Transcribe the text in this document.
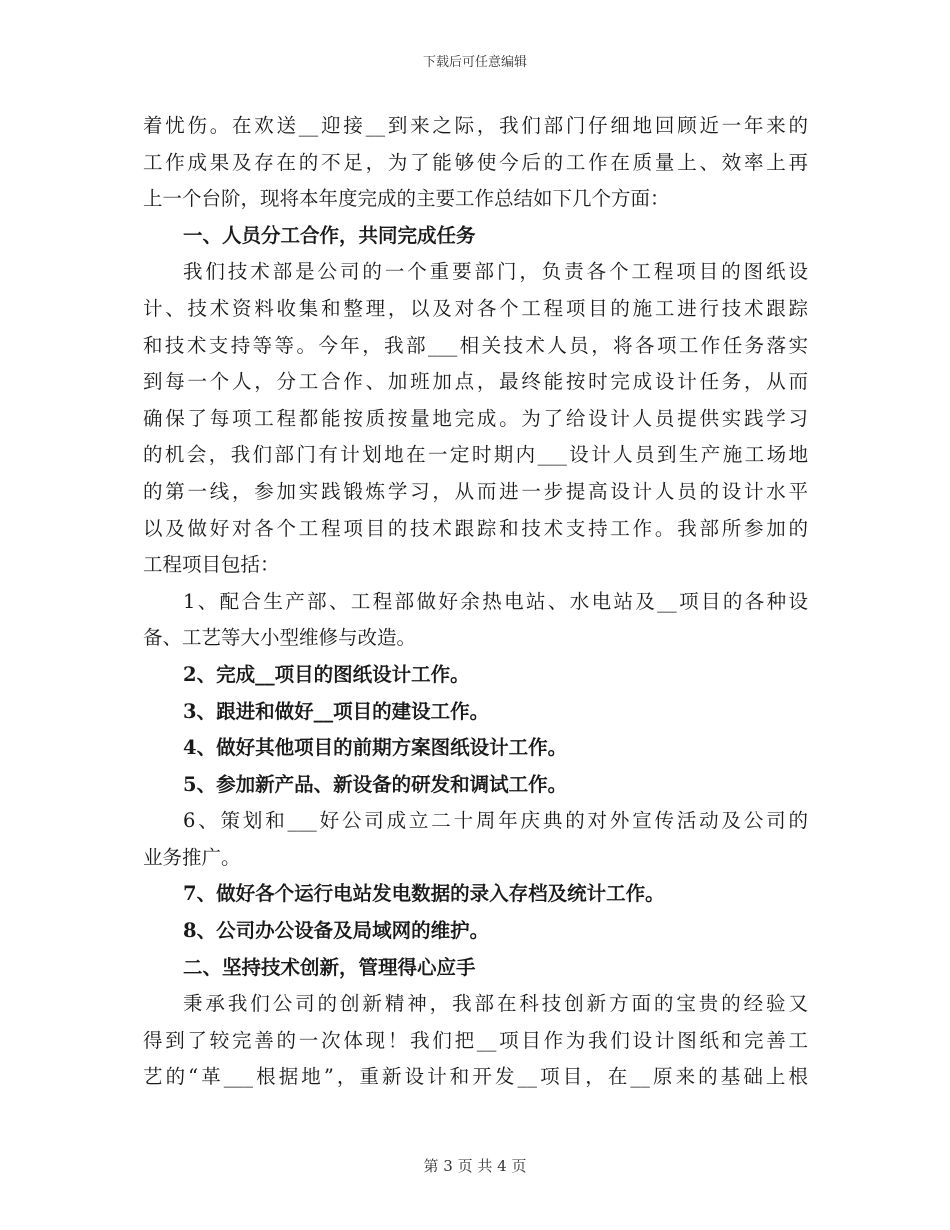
下载后可任意编辑
着忧伤。在欢送__迎接__到来之际，我们部门仔细地回顾近一年来的
工作成果及存在的不足，为了能够使今后的工作在质量上、效率上再
上一个台阶，现将本年度完成的主要工作总结如下几个方面：
一、人员分工合作，共同完成任务
我们技术部是公司的一个重要部门，负责各个工程项目的图纸设
计、技术资料收集和整理，以及对各个工程项目的施工进行技术跟踪
和技术支持等等。今年，我部___相关技术人员，将各项工作任务落实
到每一个人，分工合作、加班加点，最终能按时完成设计任务，从而
确保了每项工程都能按质按量地完成。为了给设计人员提供实践学习
的机会，我们部门有计划地在一定时期内___设计人员到生产施工场地
的第一线，参加实践锻炼学习，从而进一步提高设计人员的设计水平
以及做好对各个工程项目的技术跟踪和技术支持工作。我部所参加的
工程项目包括：
1、配合生产部、工程部做好余热电站、水电站及__项目的各种设
备、工艺等大小型维修与改造。
2、完成__项目的图纸设计工作。
3、跟进和做好__项目的建设工作。
4、做好其他项目的前期方案图纸设计工作。
5、参加新产品、新设备的研发和调试工作。
6、策划和___好公司成立二十周年庆典的对外宣传活动及公司的
业务推广。
7、做好各个运行电站发电数据的录入存档及统计工作。
8、公司办公设备及局域网的维护。
二、坚持技术创新，管理得心应手
秉承我们公司的创新精神，我部在科技创新方面的宝贵的经验又
得到了较完善的一次体现！我们把__项目作为我们设计图纸和完善工
艺的“革___根据地”，重新设计和开发__项目，在__原来的基础上根
第 3 页 共 4 页
